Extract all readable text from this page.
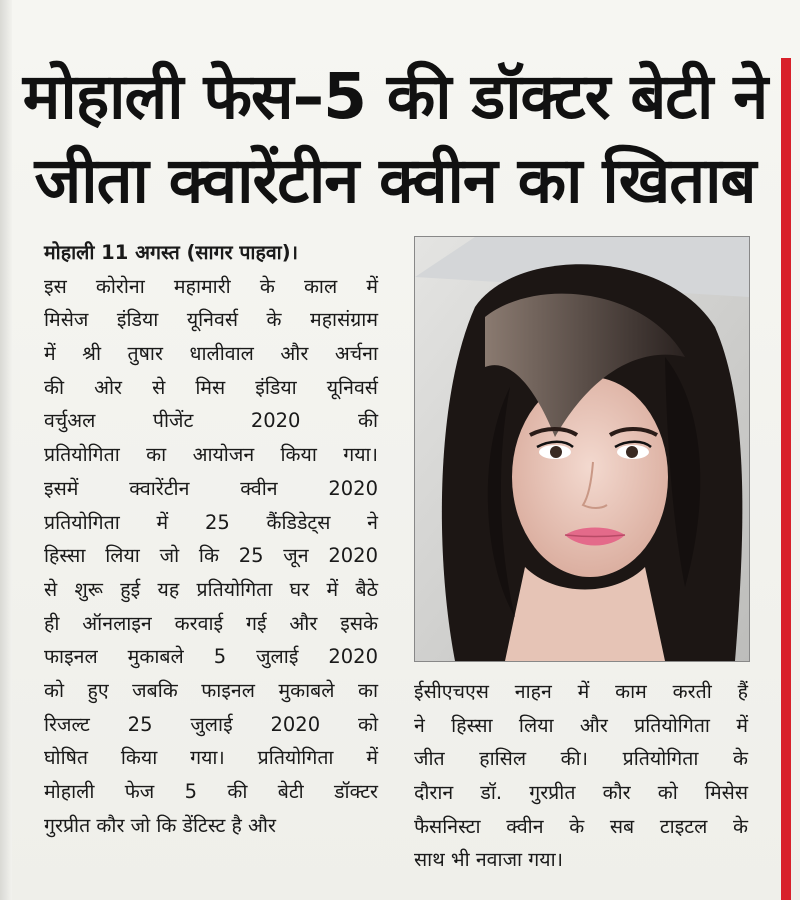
मोहाली फेस–5 की डॉक्टर बेटी ने
जीता क्वारेंटीन क्वीन का खिताब
मोहाली 11 अगस्त (सागर पाहवा)।
इस कोरोना महामारी के काल में
मिसेज इंडिया यूनिवर्स के महासंग्राम
में श्री तुषार धालीवाल और अर्चना
की ओर से मिस इंडिया यूनिवर्स
वर्चुअल पीजेंट 2020 की
प्रतियोगिता का आयोजन किया गया।
इसमें क्वारेंटीन क्वीन 2020
प्रतियोगिता में 25 कैंडिडेट्स ने
हिस्सा लिया जो कि 25 जून 2020
से शुरू हुई यह प्रतियोगिता घर में बैठे
ही ऑनलाइन करवाई गई और इसके
फाइनल मुकाबले 5 जुलाई 2020
को हुए जबकि फाइनल मुकाबले का
रिजल्ट 25 जुलाई 2020 को
घोषित किया गया। प्रतियोगिता में
मोहाली फेज 5 की बेटी डॉक्टर
गुरप्रीत कौर जो कि डेंटिस्ट है और
ईसीएचएस नाहन में काम करती हैं
ने हिस्सा लिया और प्रतियोगिता में
जीत हासिल की। प्रतियोगिता के
दौरान डॉ. गुरप्रीत कौर को मिसेस
फैसनिस्टा क्वीन के सब टाइटल के
साथ भी नवाजा गया।
